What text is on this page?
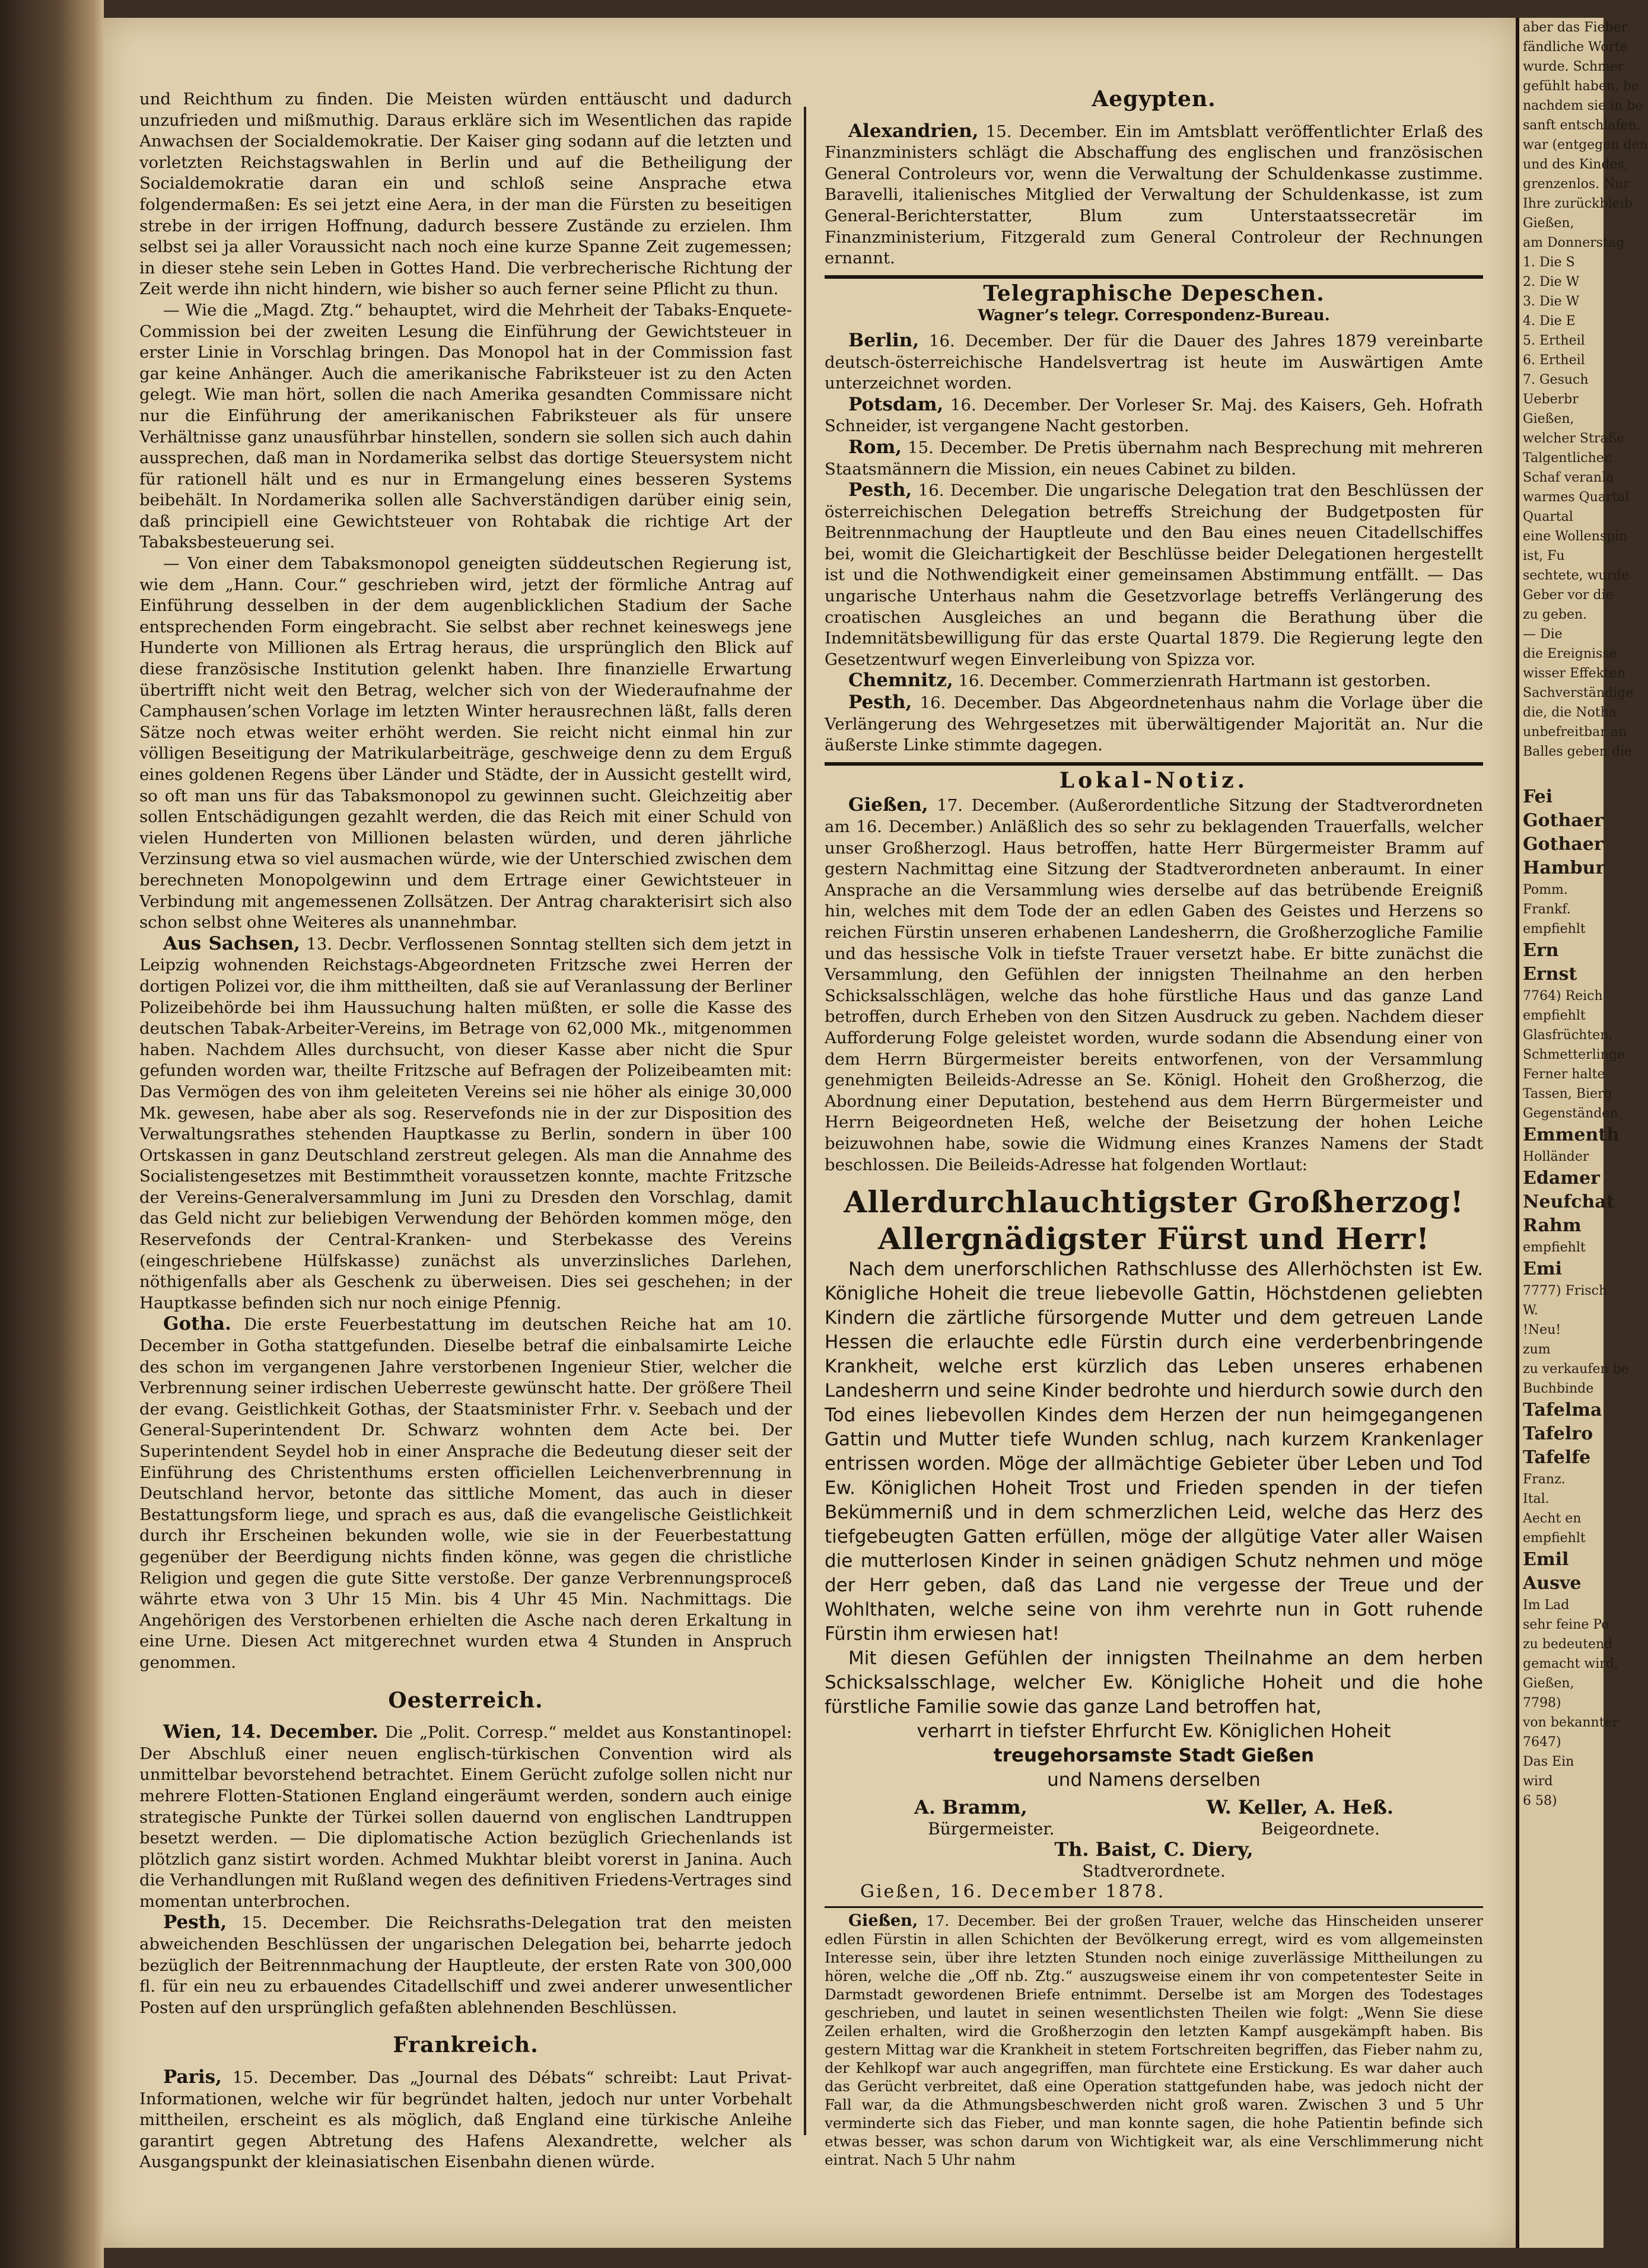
und Reichthum zu finden. Die Meisten würden enttäuscht und dadurch unzufrieden und mißmuthig. Daraus erkläre sich im Wesentlichen das rapide Anwachsen der Socialdemokratie. Der Kaiser ging sodann auf die letzten und vorletzten Reichstagswahlen in Berlin und auf die Betheiligung der Socialdemokratie daran ein und schloß seine Ansprache etwa folgendermaßen: Es sei jetzt eine Aera, in der man die Fürsten zu beseitigen strebe in der irrigen Hoffnung, dadurch bessere Zustände zu erzielen. Ihm selbst sei ja aller Voraussicht nach noch eine kurze Spanne Zeit zugemessen; in dieser stehe sein Leben in Gottes Hand. Die verbrecherische Richtung der Zeit werde ihn nicht hindern, wie bisher so auch ferner seine Pflicht zu thun.

— Wie die „Magd. Ztg.“ behauptet, wird die Mehrheit der Tabaks-Enquete-Commission bei der zweiten Lesung die Einführung der Gewichtsteuer in erster Linie in Vorschlag bringen. Das Monopol hat in der Commission fast gar keine Anhänger. Auch die amerikanische Fabriksteuer ist zu den Acten gelegt. Wie man hört, sollen die nach Amerika gesandten Commissare nicht nur die Einführung der amerikanischen Fabriksteuer als für unsere Verhältnisse ganz unausführbar hinstellen, sondern sie sollen sich auch dahin aussprechen, daß man in Nordamerika selbst das dortige Steuersystem nicht für rationell hält und es nur in Ermangelung eines besseren Systems beibehält. In Nordamerika sollen alle Sachverständigen darüber einig sein, daß principiell eine Gewichtsteuer von Rohtabak die richtige Art der Tabaksbesteuerung sei.

— Von einer dem Tabaksmonopol geneigten süddeutschen Regierung ist, wie dem „Hann. Cour.“ geschrieben wird, jetzt der förmliche Antrag auf Einführung desselben in der dem augenblicklichen Stadium der Sache entsprechenden Form eingebracht. Sie selbst aber rechnet keineswegs jene Hunderte von Millionen als Ertrag heraus, die ursprünglich den Blick auf diese französische Institution gelenkt haben. Ihre finanzielle Erwartung übertrifft nicht weit den Betrag, welcher sich von der Wiederaufnahme der Camphausen’schen Vorlage im letzten Winter herausrechnen läßt, falls deren Sätze noch etwas weiter erhöht werden. Sie reicht nicht einmal hin zur völligen Beseitigung der Matrikularbeiträge, geschweige denn zu dem Erguß eines goldenen Regens über Länder und Städte, der in Aussicht gestellt wird, so oft man uns für das Tabaksmonopol zu gewinnen sucht. Gleichzeitig aber sollen Entschädigungen gezahlt werden, die das Reich mit einer Schuld von vielen Hunderten von Millionen belasten würden, und deren jährliche Verzinsung etwa so viel ausmachen würde, wie der Unterschied zwischen dem berechneten Monopolgewinn und dem Ertrage einer Gewichtsteuer in Verbindung mit angemessenen Zollsätzen. Der Antrag charakterisirt sich also schon selbst ohne Weiteres als unannehmbar.

Aus Sachsen, 13. Decbr. Verflossenen Sonntag stellten sich dem jetzt in Leipzig wohnenden Reichstags-Abgeordneten Fritzsche zwei Herren der dortigen Polizei vor, die ihm mittheilten, daß sie auf Veranlassung der Berliner Polizeibehörde bei ihm Haussuchung halten müßten, er solle die Kasse des deutschen Tabak-Arbeiter-Vereins, im Betrage von 62,000 Mk., mitgenommen haben. Nachdem Alles durchsucht, von dieser Kasse aber nicht die Spur gefunden worden war, theilte Fritzsche auf Befragen der Polizeibeamten mit: Das Vermögen des von ihm geleiteten Vereins sei nie höher als einige 30,000 Mk. gewesen, habe aber als sog. Reservefonds nie in der zur Disposition des Verwaltungsrathes stehenden Hauptkasse zu Berlin, sondern in über 100 Ortskassen in ganz Deutschland zerstreut gelegen. Als man die Annahme des Socialistengesetzes mit Bestimmtheit voraussetzen konnte, machte Fritzsche der Vereins-Generalversammlung im Juni zu Dresden den Vorschlag, damit das Geld nicht zur beliebigen Verwendung der Behörden kommen möge, den Reservefonds der Central-Kranken- und Sterbekasse des Vereins (eingeschriebene Hülfskasse) zunächst als unverzinsliches Darlehen, nöthigenfalls aber als Geschenk zu überweisen. Dies sei geschehen; in der Hauptkasse befinden sich nur noch einige Pfennig.

Gotha. Die erste Feuerbestattung im deutschen Reiche hat am 10. December in Gotha stattgefunden. Dieselbe betraf die einbalsamirte Leiche des schon im vergangenen Jahre verstorbenen Ingenieur Stier, welcher die Verbrennung seiner irdischen Ueberreste gewünscht hatte. Der größere Theil der evang. Geistlichkeit Gothas, der Staatsminister Frhr. v. Seebach und der General-Superintendent Dr. Schwarz wohnten dem Acte bei. Der Superintendent Seydel hob in einer Ansprache die Bedeutung dieser seit der Einführung des Christenthums ersten officiellen Leichenverbrennung in Deutschland hervor, betonte das sittliche Moment, das auch in dieser Bestattungsform liege, und sprach es aus, daß die evangelische Geistlichkeit durch ihr Erscheinen bekunden wolle, wie sie in der Feuerbestattung gegenüber der Beerdigung nichts finden könne, was gegen die christliche Religion und gegen die gute Sitte verstoße. Der ganze Verbrennungsproceß währte etwa von 3 Uhr 15 Min. bis 4 Uhr 45 Min. Nachmittags. Die Angehörigen des Verstorbenen erhielten die Asche nach deren Erkaltung in eine Urne. Diesen Act mitgerechnet wurden etwa 4 Stunden in Anspruch genommen.

Oesterreich.

Wien, 14. December. Die „Polit. Corresp.“ meldet aus Konstantinopel: Der Abschluß einer neuen englisch-türkischen Convention wird als unmittelbar bevorstehend betrachtet. Einem Gerücht zufolge sollen nicht nur mehrere Flotten-Stationen England eingeräumt werden, sondern auch einige strategische Punkte der Türkei sollen dauernd von englischen Landtruppen besetzt werden. — Die diplomatische Action bezüglich Griechenlands ist plötzlich ganz sistirt worden. Achmed Mukhtar bleibt vorerst in Janina. Auch die Verhandlungen mit Rußland wegen des definitiven Friedens-Vertrages sind momentan unterbrochen.

Pesth, 15. December. Die Reichsraths-Delegation trat den meisten abweichenden Beschlüssen der ungarischen Delegation bei, beharrte jedoch bezüglich der Beitrennmachung der Hauptleute, der ersten Rate von 300,000 fl. für ein neu zu erbauendes Citadellschiff und zwei anderer unwesentlicher Posten auf den ursprünglich gefaßten ablehnenden Beschlüssen.

Frankreich.

Paris, 15. December. Das „Journal des Débats“ schreibt: Laut Privat-Informationen, welche wir für begründet halten, jedoch nur unter Vorbehalt mittheilen, erscheint es als möglich, daß England eine türkische Anleihe garantirt gegen Abtretung des Hafens Alexandrette, welcher als Ausgangspunkt der kleinasiatischen Eisenbahn dienen würde.

Aegypten.

Alexandrien, 15. December. Ein im Amtsblatt veröffentlichter Erlaß des Finanzministers schlägt die Abschaffung des englischen und französischen General Controleurs vor, wenn die Verwaltung der Schuldenkasse zustimme. Baravelli, italienisches Mitglied der Verwaltung der Schuldenkasse, ist zum General-Berichterstatter, Blum zum Unterstaatssecretär im Finanzministerium, Fitzgerald zum General Controleur der Rechnungen ernannt.

Telegraphische Depeschen.
Wagner’s telegr. Correspondenz-Bureau.

Berlin, 16. December. Der für die Dauer des Jahres 1879 vereinbarte deutsch-österreichische Handelsvertrag ist heute im Auswärtigen Amte unterzeichnet worden.

Potsdam, 16. December. Der Vorleser Sr. Maj. des Kaisers, Geh. Hofrath Schneider, ist vergangene Nacht gestorben.

Rom, 15. December. De Pretis übernahm nach Besprechung mit mehreren Staatsmännern die Mission, ein neues Cabinet zu bilden.

Pesth, 16. December. Die ungarische Delegation trat den Beschlüssen der österreichischen Delegation betreffs Streichung der Budgetposten für Beitrennmachung der Hauptleute und den Bau eines neuen Citadellschiffes bei, womit die Gleichartigkeit der Beschlüsse beider Delegationen hergestellt ist und die Nothwendigkeit einer gemeinsamen Abstimmung entfällt. — Das ungarische Unterhaus nahm die Gesetzvorlage betreffs Verlängerung des croatischen Ausgleiches an und begann die Berathung über die Indemnitätsbewilligung für das erste Quartal 1879. Die Regierung legte den Gesetzentwurf wegen Einverleibung von Spizza vor.

Chemnitz, 16. December. Commerzienrath Hartmann ist gestorben.

Pesth, 16. December. Das Abgeordnetenhaus nahm die Vorlage über die Verlängerung des Wehrgesetzes mit überwältigender Majorität an. Nur die äußerste Linke stimmte dagegen.

Lokal-Notiz.

Gießen, 17. December. (Außerordentliche Sitzung der Stadtverordneten am 16. December.) Anläßlich des so sehr zu beklagenden Trauerfalls, welcher unser Großherzogl. Haus betroffen, hatte Herr Bürgermeister Bramm auf gestern Nachmittag eine Sitzung der Stadtverordneten anberaumt. In einer Ansprache an die Versammlung wies derselbe auf das betrübende Ereigniß hin, welches mit dem Tode der an edlen Gaben des Geistes und Herzens so reichen Fürstin unseren erhabenen Landesherrn, die Großherzogliche Familie und das hessische Volk in tiefste Trauer versetzt habe. Er bitte zunächst die Versammlung, den Gefühlen der innigsten Theilnahme an den herben Schicksalsschlägen, welche das hohe fürstliche Haus und das ganze Land betroffen, durch Erheben von den Sitzen Ausdruck zu geben. Nachdem dieser Aufforderung Folge geleistet worden, wurde sodann die Absendung einer von dem Herrn Bürgermeister bereits entworfenen, von der Versammlung genehmigten Beileids-Adresse an Se. Königl. Hoheit den Großherzog, die Abordnung einer Deputation, bestehend aus dem Herrn Bürgermeister und Herrn Beigeordneten Heß, welche der Beisetzung der hohen Leiche beizuwohnen habe, sowie die Widmung eines Kranzes Namens der Stadt beschlossen. Die Beileids-Adresse hat folgenden Wortlaut:

Allerdurchlauchtigster Großherzog!
Allergnädigster Fürst und Herr!

Nach dem unerforschlichen Rathschlusse des Allerhöchsten ist Ew. Königliche Hoheit die treue liebevolle Gattin, Höchstdenen geliebten Kindern die zärtliche fürsorgende Mutter und dem getreuen Lande Hessen die erlauchte edle Fürstin durch eine verderbenbringende Krankheit, welche erst kürzlich das Leben unseres erhabenen Landesherrn und seine Kinder bedrohte und hierdurch sowie durch den Tod eines liebevollen Kindes dem Herzen der nun heimgegangenen Gattin und Mutter tiefe Wunden schlug, nach kurzem Krankenlager entrissen worden. Möge der allmächtige Gebieter über Leben und Tod Ew. Königlichen Hoheit Trost und Frieden spenden in der tiefen Bekümmerniß und in dem schmerzlichen Leid, welche das Herz des tiefgebeugten Gatten erfüllen, möge der allgütige Vater aller Waisen die mutterlosen Kinder in seinen gnädigen Schutz nehmen und möge der Herr geben, daß das Land nie vergesse der Treue und der Wohlthaten, welche seine von ihm verehrte nun in Gott ruhende Fürstin ihm erwiesen hat!

Mit diesen Gefühlen der innigsten Theilnahme an dem herben Schicksalsschlage, welcher Ew. Königliche Hoheit und die hohe fürstliche Familie sowie das ganze Land betroffen hat,

verharrt in tiefster Ehrfurcht Ew. Königlichen Hoheit
treugehorsamste Stadt Gießen
und Namens derselben
A. Bramm,	W. Keller, A. Heß.
Bürgermeister.	Beigeordnete.
Th. Baist, C. Diery,
Stadtverordnete.
Gießen, 16. December 1878.

Gießen, 17. December. Bei der großen Trauer, welche das Hinscheiden unserer edlen Fürstin in allen Schichten der Bevölkerung erregt, wird es vom allgemeinsten Interesse sein, über ihre letzten Stunden noch einige zuverlässige Mittheilungen zu hören, welche die „Off nb. Ztg.“ auszugsweise einem ihr von competentester Seite in Darmstadt gewordenen Briefe entnimmt. Derselbe ist am Morgen des Todestages geschrieben, und lautet in seinen wesentlichsten Theilen wie folgt: „Wenn Sie diese Zeilen erhalten, wird die Großherzogin den letzten Kampf ausgekämpft haben. Bis gestern Mittag war die Krankheit in stetem Fortschreiten begriffen, das Fieber nahm zu, der Kehlkopf war auch angegriffen, man fürchtete eine Erstickung. Es war daher auch das Gerücht verbreitet, daß eine Operation stattgefunden habe, was jedoch nicht der Fall war, da die Athmungsbeschwerden nicht groß waren. Zwischen 3 und 5 Uhr verminderte sich das Fieber, und man konnte sagen, die hohe Patientin befinde sich etwas besser, was schon darum von Wichtigkeit war, als eine Verschlimmerung nicht eintrat. Nach 5 Uhr nahm

aber das Fieber
fändliche Worte
wurde. Schmer
gefühlt haben, be
nachdem sie in be
sanft entschlafen.
war (entgegen den
und des Kindes,
grenzenlos. Nur
Ihre zurückbleib
Gießen,
am Donnerstag
1. Die S
2. Die W
3. Die W
4. Die E
5. Ertheil
6. Ertheil
7. Gesuch
Ueberbr
Gießen,
welcher Straße
Talgentlicher,
Schaf veranla
warmes Quartal
Quartal
eine Wollenspin
ist, Fu
sechtete, wurde
Geber vor die
zu geben.
— Die
die Ereignisse
wisser Effekten
Sachverständige
die, die Notha
unbefreitbar an
Balles geben die
Fei
Gothaer
Gothaer
Hambur
Pomm.
Frankf.
empfiehlt
Ern
Ernst
7764) Reich
empfiehlt
Glasfrüchten,
Schmetterlinge
Ferner halte
Tassen, Bierg
Gegenständen
Emmenth
Holländer
Edamer
Neufchat
Rahm
empfiehlt
Emi
7777) Frisch
W.
!Neu!
zum
zu verkaufen be
Buchbinde
Tafelma
Tafelro
Tafelfe
Franz.
Ital.
Aecht en
empfiehlt
Emil
Ausve
Im Lad
sehr feine Po
zu bedeutend
gemacht wird,
Gießen,
7798)
von bekannter
7647)
Das Ein
wird
6 58)
